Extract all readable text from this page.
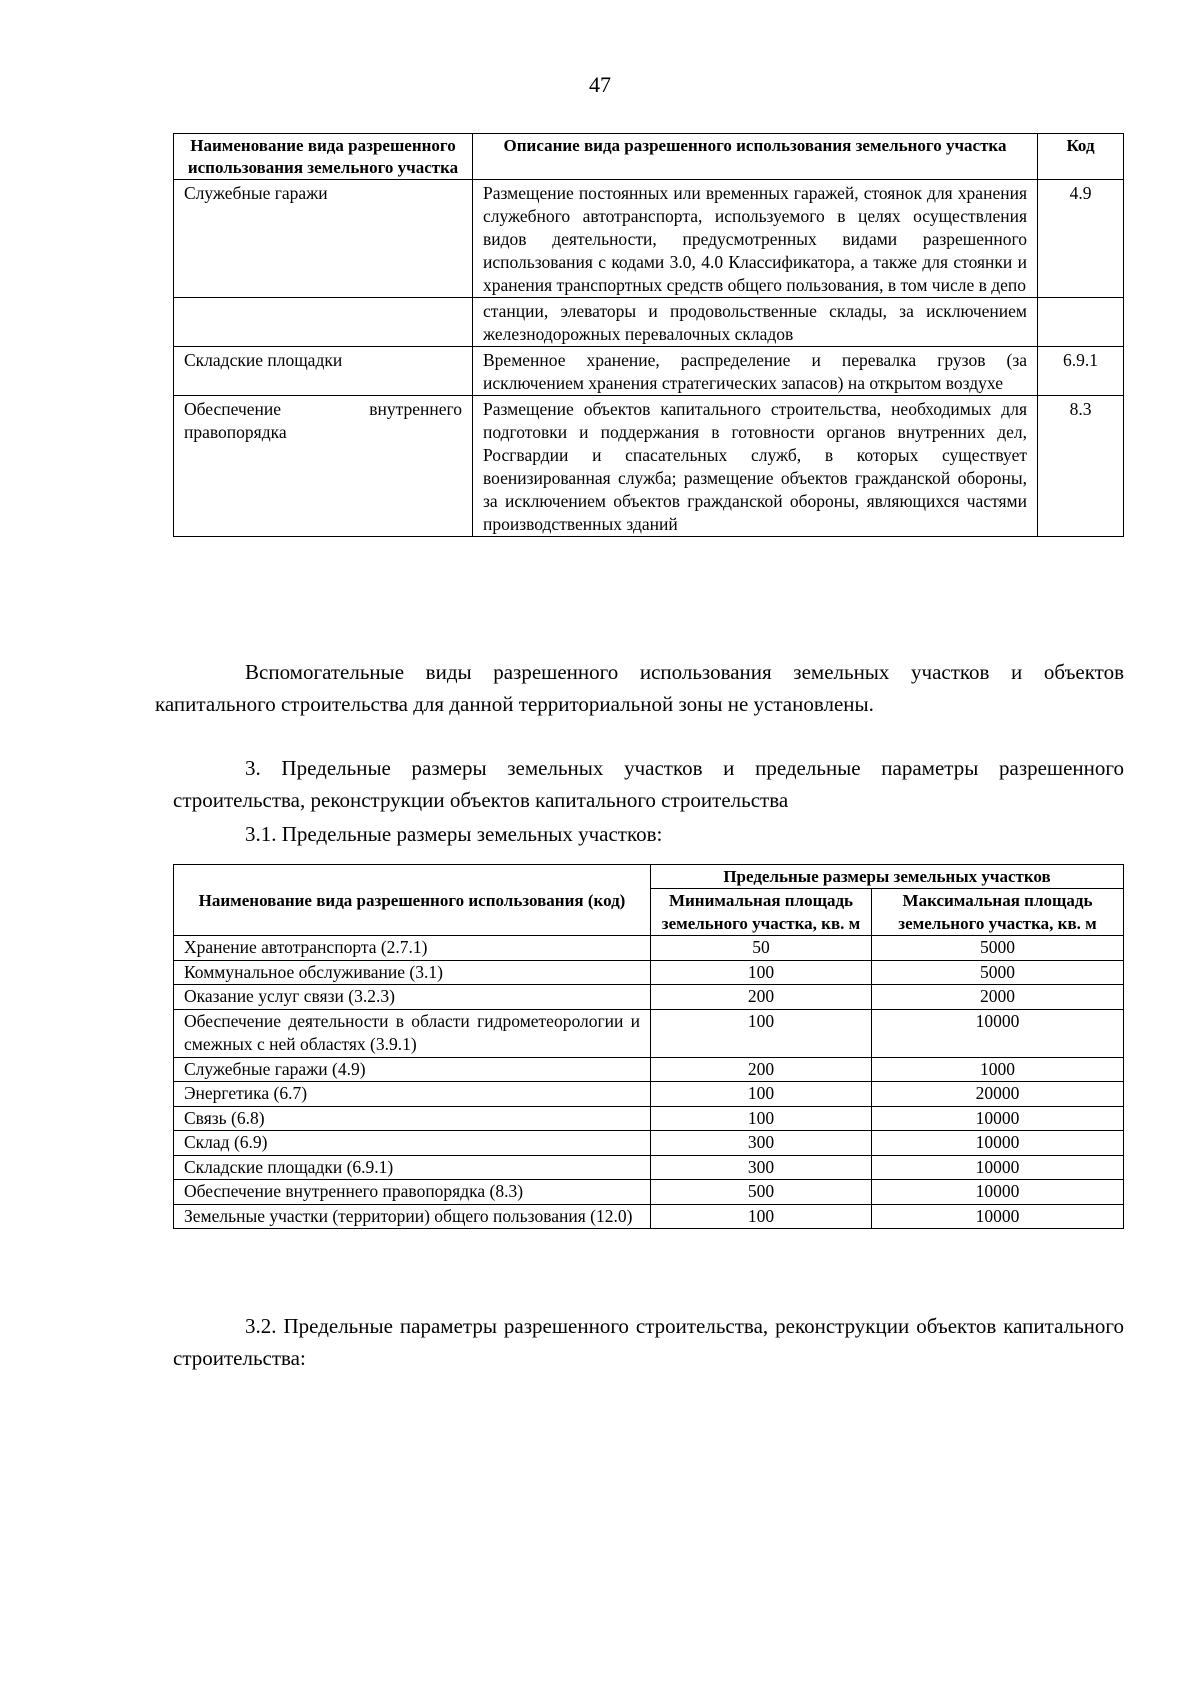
47
Наименование вида разрешенного использования земельного участка	Описание вида разрешенного использования земельного участка	Код
Служебные гаражи	Размещение постоянных или временных гаражей, стоянок для хранения служебного автотранспорта, используемого в целях осуществления видов деятельности, предусмотренных видами разрешенного использования с кодами 3.0, 4.0 Классификатора, а также для стоянки и хранения транспортных средств общего пользования, в том числе в депо	4.9
	станции, элеваторы и продовольственные склады, за исключением железнодорожных перевалочных складов	
Складские площадки	Временное хранение, распределение и перевалка грузов (за исключением хранения стратегических запасов) на открытом воздухе	6.9.1
Обеспечение внутреннего правопорядка	Размещение объектов капитального строительства, необходимых для подготовки и поддержания в готовности органов внутренних дел, Росгвардии и спасательных служб, в которых существует военизированная служба; размещение объектов гражданской обороны, за исключением объектов гражданской обороны, являющихся частями производственных зданий	8.3
Вспомогательные виды разрешенного использования земельных участков и объектов капитального строительства для данной территориальной зоны не установлены.
3. Предельные размеры земельных участков и предельные параметры разрешенного строительства, реконструкции объектов капитального строительства
3.1. Предельные размеры земельных участков:
Наименование вида разрешенного использования (код)	Предельные размеры земельных участков	
	Минимальная площадь земельного участка, кв. м	Максимальная площадь земельного участка, кв. м
Хранение автотранспорта (2.7.1)	50	5000
Коммунальное обслуживание (3.1)	100	5000
Оказание услуг связи (3.2.3)	200	2000
Обеспечение деятельности в области гидрометеорологии и смежных с ней областях (3.9.1)	100	10000
Служебные гаражи (4.9)	200	1000
Энергетика (6.7)	100	20000
Связь (6.8)	100	10000
Склад (6.9)	300	10000
Складские площадки (6.9.1)	300	10000
Обеспечение внутреннего правопорядка (8.3)	500	10000
Земельные участки (территории) общего пользования (12.0)	100	10000
3.2. Предельные параметры разрешенного строительства, реконструкции объектов капитального строительства:
